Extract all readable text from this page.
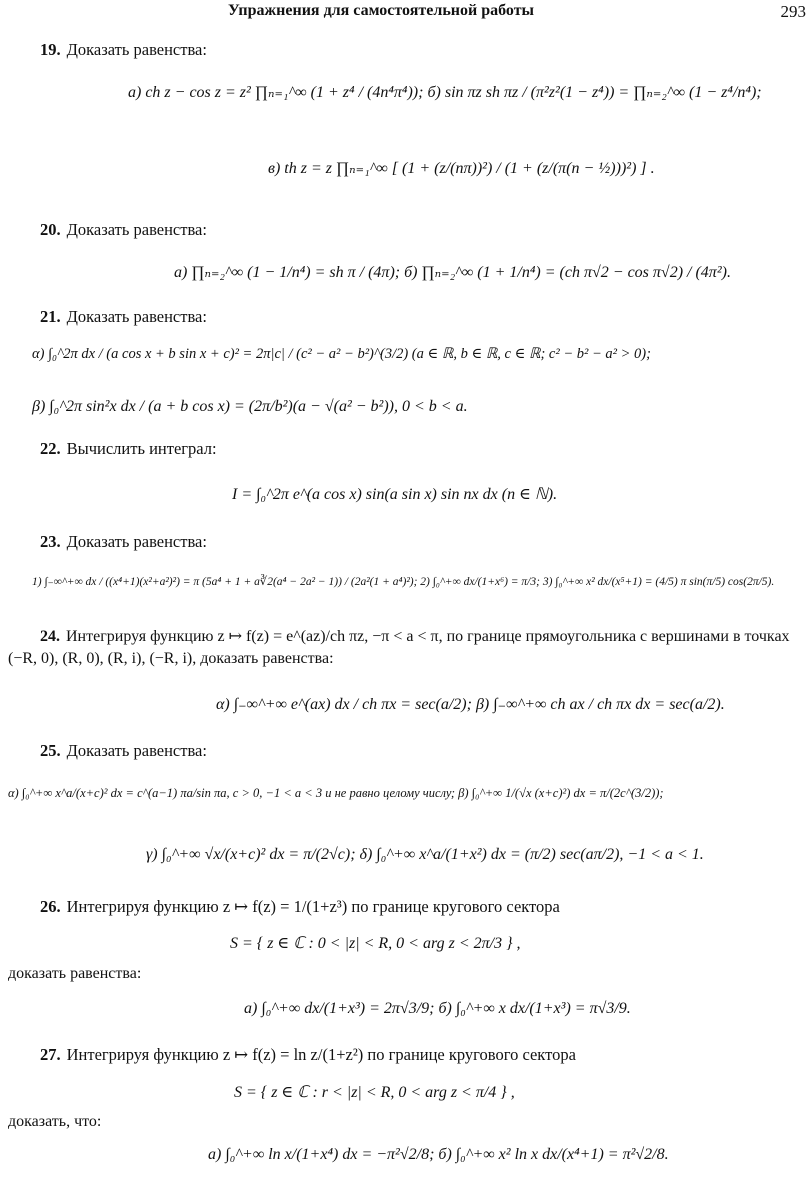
Упражнения для самостоятельной работы	293
19. Доказать равенства:
а) ch z − cos z = z² ∏ₙ₌₁^∞ (1 + z⁴ / (4n⁴π⁴)); б) sin πz sh πz / (π²z²(1 − z⁴)) = ∏ₙ₌₂^∞ (1 − z⁴/n⁴);
в) th z = z ∏ₙ₌₁^∞ [ (1 + (z/(nπ))²) / (1 + (z/(π(n − ½)))²) ] .
20. Доказать равенства:
а) ∏ₙ₌₂^∞ (1 − 1/n⁴) = sh π / (4π); б) ∏ₙ₌₂^∞ (1 + 1/n⁴) = (ch π√2 − cos π√2) / (4π²).
21. Доказать равенства:
α) ∫₀^2π dx / (a cos x + b sin x + c)² = 2π|c| / (c² − a² − b²)^(3/2) (a ∈ ℝ, b ∈ ℝ, c ∈ ℝ; c² − b² − a² > 0);
β) ∫₀^2π sin²x dx / (a + b cos x) = (2π/b²)(a − √(a² − b²)), 0 < b < a.
22. Вычислить интеграл:
I = ∫₀^2π e^(a cos x) sin(a sin x) sin nx dx (n ∈ ℕ).
23. Доказать равенства:
1) ∫₋∞^+∞ dx / ((x⁴+1)(x²+a²)²) = π (5a⁴ + 1 + a∛2(a⁴ − 2a² − 1)) / (2a²(1 + a⁴)²); 2) ∫₀^+∞ dx/(1+x⁶) = π/3; 3) ∫₀^+∞ x² dx/(x⁵+1) = (4/5) π sin(π/5) cos(2π/5).
24. Интегрируя функцию z ↦ f(z) = e^(az)/ch πz, −π < a < π, по границе прямоугольника с вершинами в точках (−R, 0), (R, 0), (R, i), (−R, i), доказать равенства:
α) ∫₋∞^+∞ e^(ax) dx / ch πx = sec(a/2); β) ∫₋∞^+∞ ch ax / ch πx dx = sec(a/2).
25. Доказать равенства:
α) ∫₀^+∞ x^a/(x+c)² dx = c^(a−1) πa/sin πa, c > 0, −1 < a < 3 и не равно целому числу; β) ∫₀^+∞ 1/(√x (x+c)²) dx = π/(2c^(3/2));
γ) ∫₀^+∞ √x/(x+c)² dx = π/(2√c); δ) ∫₀^+∞ x^a/(1+x²) dx = (π/2) sec(aπ/2), −1 < a < 1.
26. Интегрируя функцию z ↦ f(z) = 1/(1+z³) по границе кругового сектора
S = { z ∈ ℂ : 0 < |z| < R, 0 < arg z < 2π/3 } ,
доказать равенства:
а) ∫₀^+∞ dx/(1+x³) = 2π√3/9; б) ∫₀^+∞ x dx/(1+x³) = π√3/9.
27. Интегрируя функцию z ↦ f(z) = ln z/(1+z²) по границе кругового сектора
S = { z ∈ ℂ : r < |z| < R, 0 < arg z < π/4 } ,
доказать, что:
а) ∫₀^+∞ ln x/(1+x⁴) dx = −π²√2/8; б) ∫₀^+∞ x² ln x dx/(x⁴+1) = π²√2/8.
